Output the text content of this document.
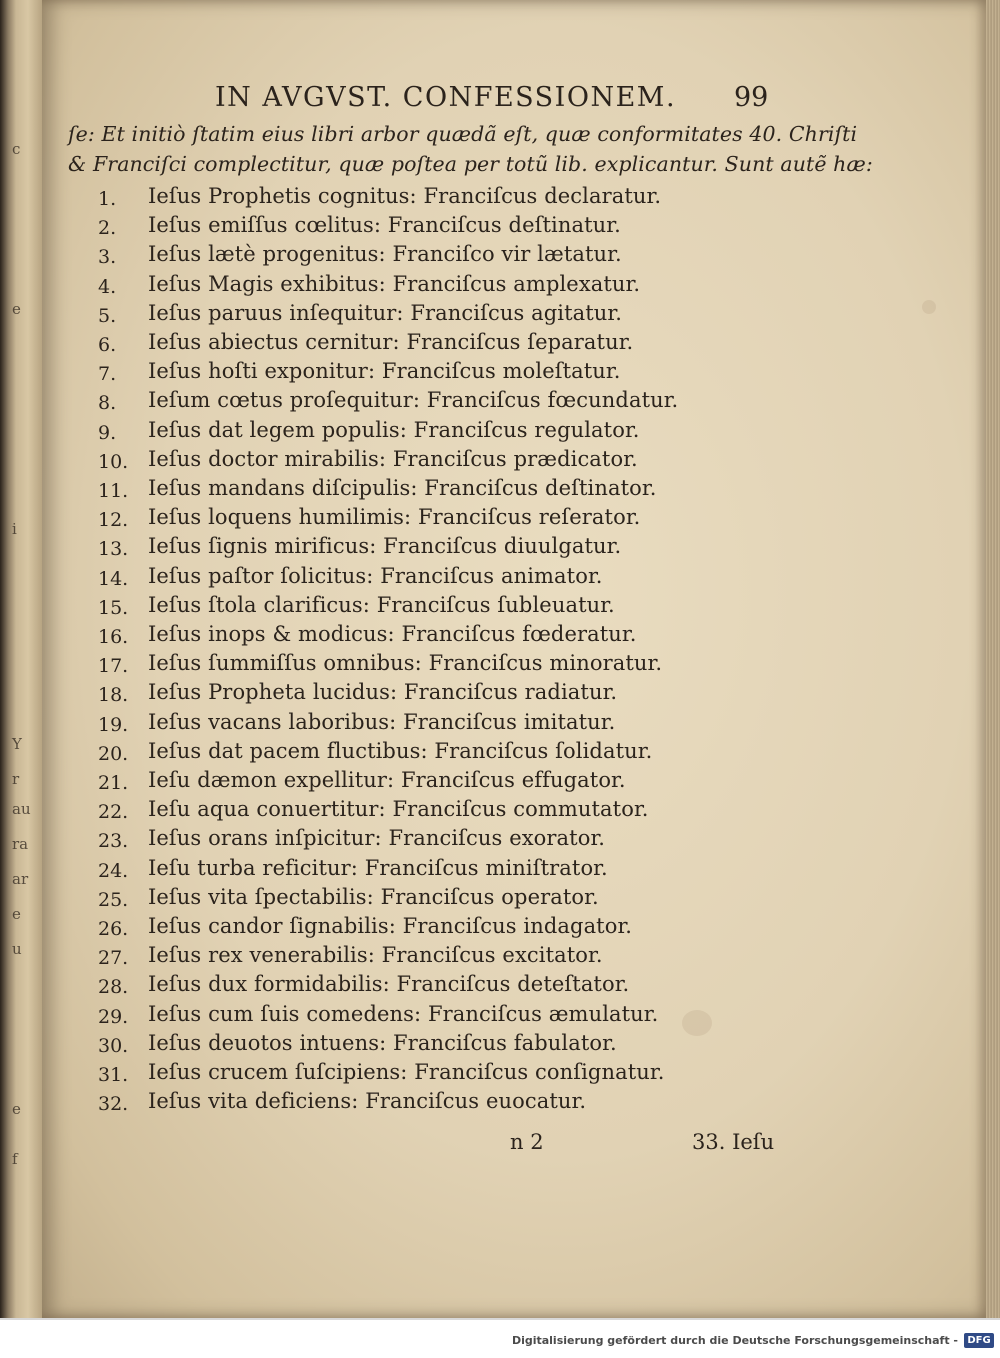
c
e
i
Y
r
au
ra
ar
e
u
e
f
IN AVGVST. CONFESSIONEM. 99
ſe: Et initiò ſtatim eius libri arbor quædã eſt, quæ conformitates 40. Chriſti
& Franciſci complectitur, quæ poſtea per totũ lib. explicantur. Sunt autẽ hæ:
1.	Ieſus Prophetis cognitus: Franciſcus declaratur.
2.	Ieſus emiſſus cœlitus: Franciſcus deſtinatur.
3.	Ieſus lætè progenitus: Franciſco vir lætatur.
4.	Ieſus Magis exhibitus: Franciſcus amplexatur.
5.	Ieſus paruus inſequitur: Franciſcus agitatur.
6.	Ieſus abiectus cernitur: Franciſcus ſeparatur.
7.	Ieſus hoſti exponitur: Franciſcus moleſtatur.
8.	Ieſum cœtus proſequitur: Franciſcus fœcundatur.
9.	Ieſus dat legem populis: Franciſcus regulator.
10. Ieſus doctor mirabilis: Franciſcus prædicator.
11. Ieſus mandans diſcipulis: Franciſcus deſtinator.
12. Ieſus loquens humilimis: Franciſcus reſerator.
13. Ieſus ſignis mirificus: Franciſcus diuulgatur.
14. Ieſus paſtor ſolicitus: Franciſcus animator.
15. Ieſus ſtola clarificus: Franciſcus ſubleuatur.
16. Ieſus inops & modicus: Franciſcus fœderatur.
17. Ieſus ſummiſſus omnibus: Franciſcus minoratur.
18. Ieſus Propheta lucidus: Franciſcus radiatur.
19. Ieſus vacans laboribus: Franciſcus imitatur.
20. Ieſus dat pacem fluctibus: Franciſcus ſolidatur.
21. Ieſu dæmon expellitur: Franciſcus effugator.
22. Ieſu aqua conuertitur: Franciſcus commutator.
23. Ieſus orans inſpicitur: Franciſcus exorator.
24. Ieſu turba reficitur: Franciſcus miniſtrator.
25. Ieſus vita ſpectabilis: Franciſcus operator.
26. Ieſus candor ſignabilis: Franciſcus indagator.
27. Ieſus rex venerabilis: Franciſcus excitator.
28. Ieſus dux formidabilis: Franciſcus deteſtator.
29. Ieſus cum ſuis comedens: Franciſcus æmulatur.
30. Ieſus deuotos intuens: Franciſcus fabulator.
31. Ieſus crucem ſuſcipiens: Franciſcus conſignatur.
32. Ieſus vita deficiens: Franciſcus euocatur.
n 2	33. Ieſu
Digitalisierung gefördert durch die Deutsche Forschungsgemeinschaft - DFG
